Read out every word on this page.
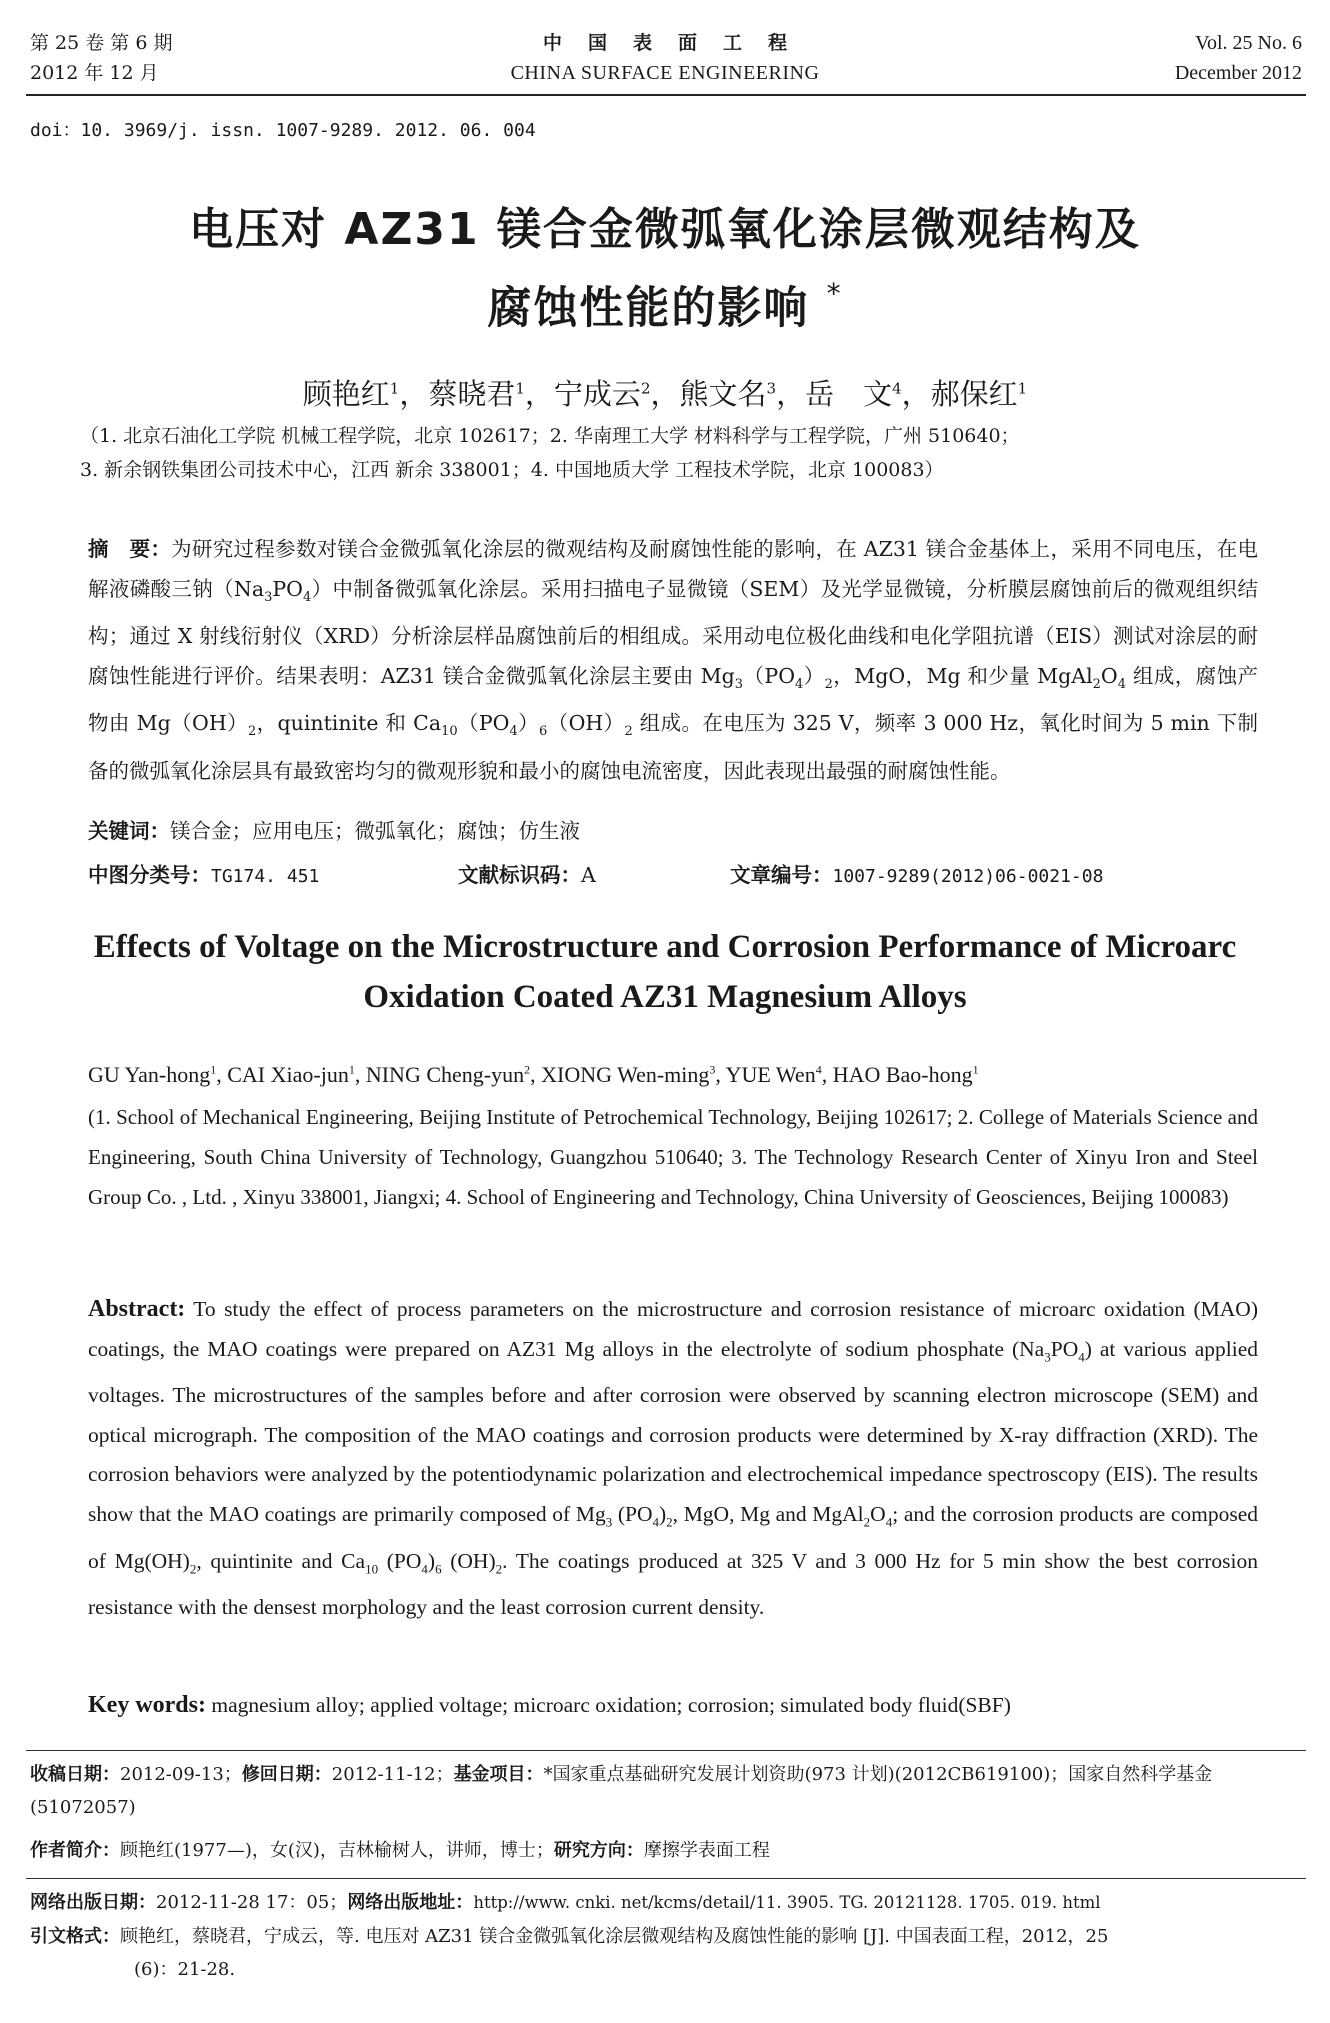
第 25 卷 第 6 期
2012 年 12 月
中国表面工程
CHINA SURFACE ENGINEERING
Vol. 25 No. 6
December 2012
doi：10. 3969/j. issn. 1007-9289. 2012. 06. 004
电压对 AZ31 镁合金微弧氧化涂层微观结构及
腐蚀性能的影响 *
顾艳红$^1$，蔡晓君$^1$，宁成云$^2$，熊文名$^3$，岳　文$^4$，郝保红$^1$
（1. 北京石油化工学院 机械工程学院，北京 102617；2. 华南理工大学 材料科学与工程学院，广州 510640；
3. 新余钢铁集团公司技术中心，江西 新余 338001；4. 中国地质大学 工程技术学院，北京 100083）
摘　要：为研究过程参数对镁合金微弧氧化涂层的微观结构及耐腐蚀性能的影响，在 AZ31 镁合金基体上，采用不同电压，在电解液磷酸三钠$(Na_3PO_4)$中制备微弧氧化涂层。采用扫描电子显微镜（SEM）及光学显微镜，分析膜层腐蚀前后的微观组织结构；通过 X 射线衍射仪（XRD）分析涂层样品腐蚀前后的相组成。采用动电位极化曲线和电化学阻抗谱（EIS）测试对涂层的耐腐蚀性能进行评价。结果表明：AZ31 镁合金微弧氧化涂层主要由 $Mg_3(PO_4)_2$，MgO，Mg 和少量 $MgAl_2O_4$ 组成，腐蚀产物由 $Mg(OH)_2$，quintinite 和 $Ca_{10}(PO_4)_6(OH)_2$ 组成。在电压为 325 V，频率 3 000 Hz，氧化时间为 5 min 下制备的微弧氧化涂层具有最致密均匀的微观形貌和最小的腐蚀电流密度，因此表现出最强的耐腐蚀性能。
关键词：镁合金；应用电压；微弧氧化；腐蚀；仿生液
中图分类号：TG174. 451	文献标识码：A	文章编号：1007-9289(2012)06-0021-08
Effects of Voltage on the Microstructure and Corrosion Performance of Microarc
Oxidation Coated AZ31 Magnesium Alloys
GU Yan-hong$^1$, CAI Xiao-jun$^1$, NING Cheng-yun$^2$, XIONG Wen-ming$^3$, YUE Wen$^4$, HAO Bao-hong$^1$
(1. School of Mechanical Engineering, Beijing Institute of Petrochemical Technology, Beijing 102617; 2. College of Materials Science and Engineering, South China University of Technology, Guangzhou 510640; 3. The Technology Research Center of Xinyu Iron and Steel Group Co. , Ltd. , Xinyu 338001, Jiangxi; 4. School of Engineering and Technology, China University of Geosciences, Beijing 100083)
Abstract: To study the effect of process parameters on the microstructure and corrosion resistance of microarc oxidation (MAO) coatings, the MAO coatings were prepared on AZ31 Mg alloys in the electrolyte of sodium phosphate $(Na_3PO_4)$ at various applied voltages. The microstructures of the samples before and after corrosion were observed by scanning electron microscope (SEM) and optical micrograph. The composition of the MAO coatings and corrosion products were determined by X-ray diffraction (XRD). The corrosion behaviors were analyzed by the potentiodynamic polarization and electrochemical impedance spectroscopy (EIS). The results show that the MAO coatings are primarily composed of $Mg_3$ $(PO_4)_2$, MgO, Mg and $MgAl_2O_4$; and the corrosion products are composed of $Mg(OH)_2$, quintinite and $Ca_{10}$ $(PO_4)_6$ $(OH)_2$. The coatings produced at 325 V and 3 000 Hz for 5 min show the best corrosion resistance with the densest morphology and the least corrosion current density.
Key words: magnesium alloy; applied voltage; microarc oxidation; corrosion; simulated body fluid(SBF)
收稿日期：2012-09-13；修回日期：2012-11-12；基金项目：*国家重点基础研究发展计划资助(973 计划)(2012CB619100)；国家自然科学基金(51072057)
作者简介：顾艳红(1977—)，女(汉)，吉林榆树人，讲师，博士；研究方向：摩擦学表面工程
网络出版日期：2012-11-28 17：05；网络出版地址：http://www. cnki. net/kcms/detail/11. 3905. TG. 20121128. 1705. 019. html
引文格式：顾艳红，蔡晓君，宁成云，等. 电压对 AZ31 镁合金微弧氧化涂层微观结构及腐蚀性能的影响 [J]. 中国表面工程，2012，25
(6)：21-28.
